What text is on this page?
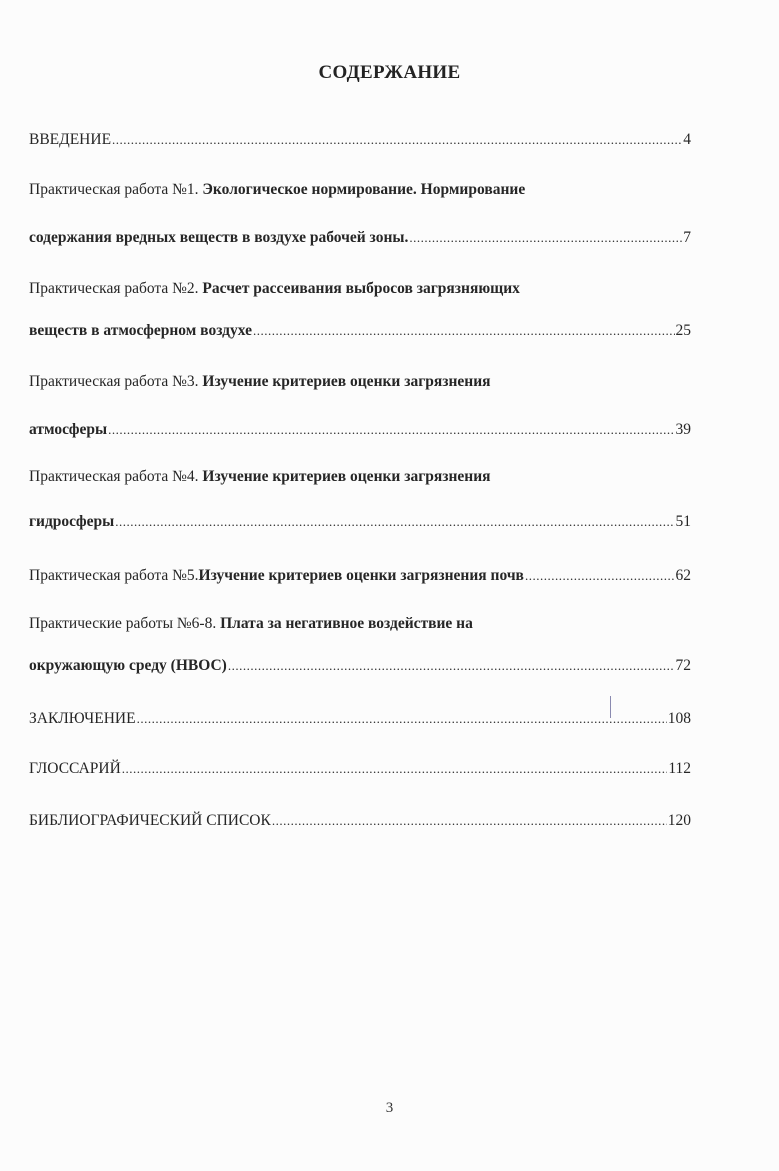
СОДЕРЖАНИЕ
ВВЕДЕНИЕ .....	4
Практическая работа №1. Экологическое нормирование. Нормирование
содержания вредных веществ в воздухе рабочей зоны. .....	7
Практическая работа №2. Расчет рассеивания выбросов загрязняющих
веществ в атмосферном воздухе .....	25
Практическая работа №3. Изучение критериев оценки загрязнения
атмосферы .....	39
Практическая работа №4. Изучение критериев оценки загрязнения
гидросферы .....	51
Практическая работа №5. Изучение критериев оценки загрязнения почв .....	62
Практические работы №6-8. Плата за негативное воздействие на
окружающую среду (НВОС) .....	72
ЗАКЛЮЧЕНИЕ .....	108
ГЛОССАРИЙ .....	112
БИБЛИОГРАФИЧЕСКИЙ СПИСОК .....	120
3
